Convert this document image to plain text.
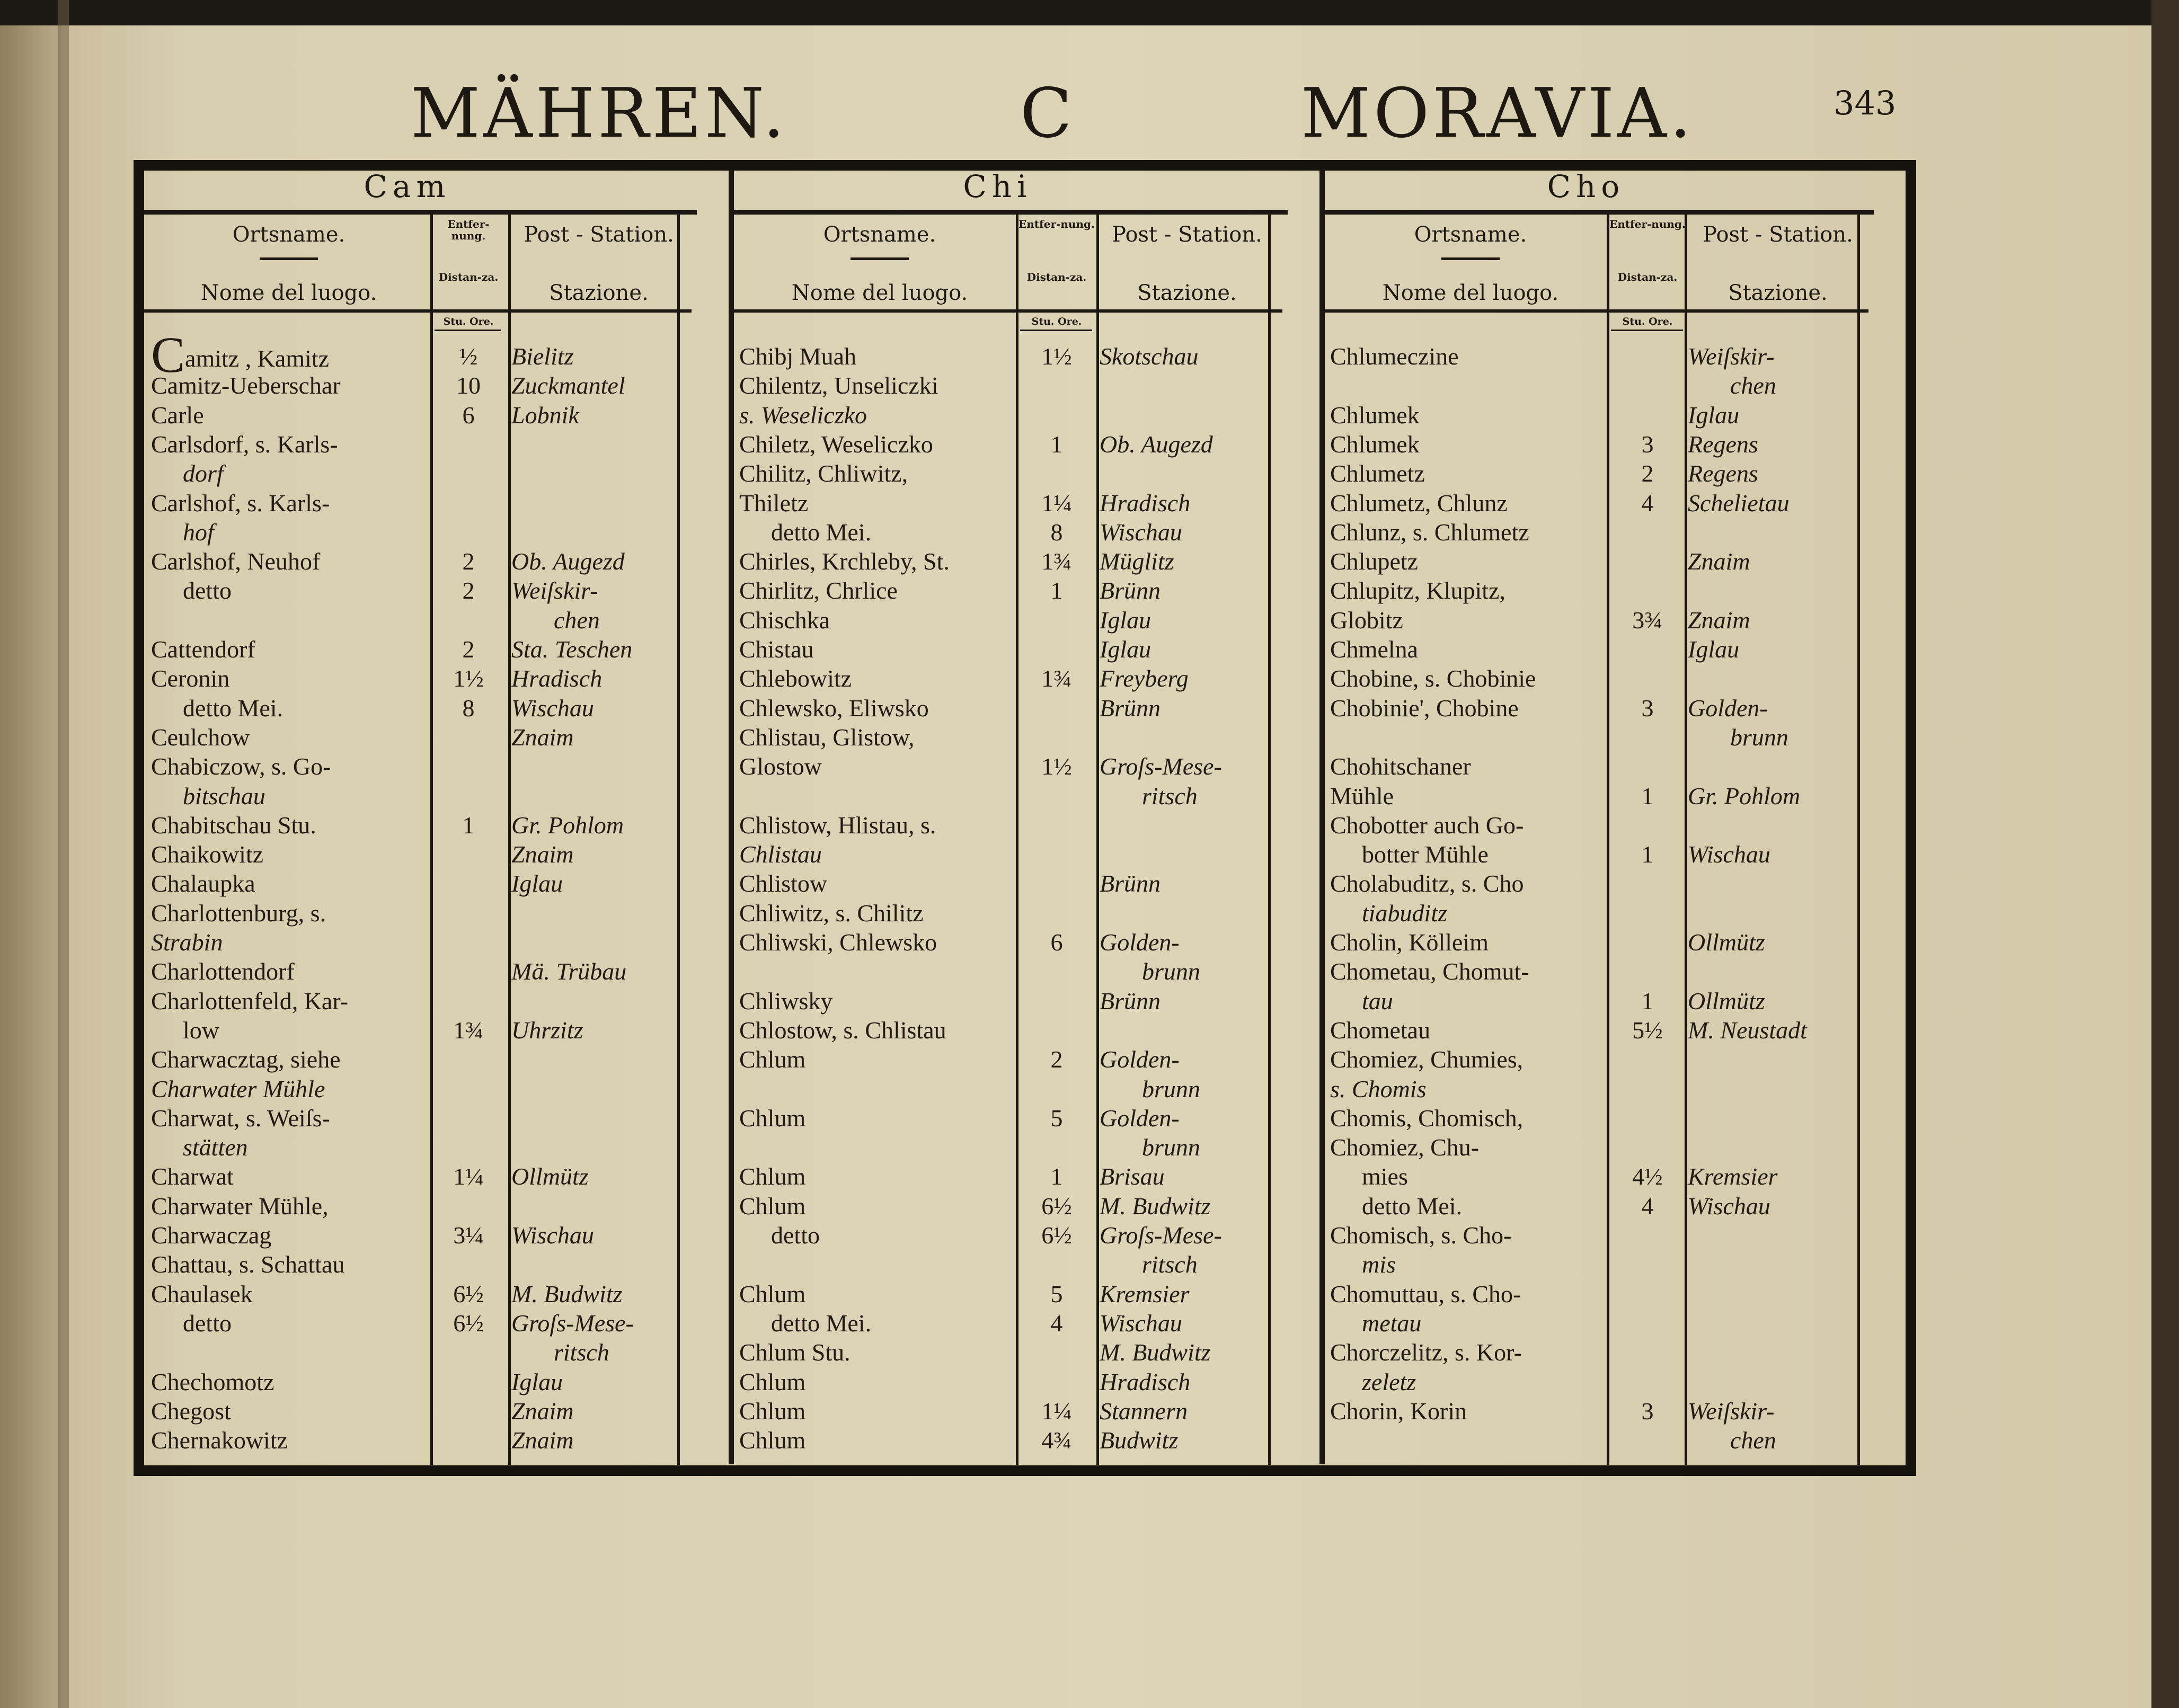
MÄHREN.	C	MORAVIA.	343
Cam
Ortsname.
Nome del luogo.
Entfer-nung.
Distan-za.
Post - Station.
Stazione.
Stu. Ore.
Camitz , Kamitz	½	Bielitz
Camitz-Ueberschar	10	Zuckmantel
Carle	6	Lobnik
Carlsdorf, s. Karls-
dorf
Carlshof, s. Karls-
hof
Carlshof, Neuhof	2	Ob. Augezd
detto	2	Weiſskir-
chen
Cattendorf	2	Sta. Teschen
Ceronin	1½	Hradisch
detto Mei.	8	Wischau
Ceulchow	Znaim
Chabiczow, s. Go-
bitschau
Chabitschau Stu.	1	Gr. Pohlom
Chaikowitz	Znaim
Chalaupka	Iglau
Charlottenburg, s.
Strabin
Charlottendorf	Mä. Trübau
Charlottenfeld, Kar-
low	1¾	Uhrzitz
Charwacztag, siehe
Charwater Mühle
Charwat, s. Weiſs-
stätten
Charwat	1¼	Ollmütz
Charwater Mühle,
Charwaczag	3¼	Wischau
Chattau, s. Schattau
Chaulasek	6½	M. Budwitz
detto	6½	Groſs-Mese-
ritsch
Chechomotz	Iglau
Chegost	Znaim
Chernakowitz	Znaim
Chi
Ortsname.
Nome del luogo.
Entfer-nung.
Distan-za.
Post - Station.
Stazione.
Stu. Ore.
Chibj Muah	1½	Skotschau
Chilentz, Unseliczki
s. Weseliczko
Chiletz, Weseliczko	1	Ob. Augezd
Chilitz, Chliwitz,
Thiletz	1¼	Hradisch
detto Mei.	8	Wischau
Chirles, Krchleby, St.	1¾	Müglitz
Chirlitz, Chrlice	1	Brünn
Chischka	Iglau
Chistau	Iglau
Chlebowitz	1¾	Freyberg
Chlewsko, Eliwsko	Brünn
Chlistau, Glistow,
Glostow	1½	Groſs-Mese-
ritsch
Chlistow, Hlistau, s.
Chlistau
Chlistow	Brünn
Chliwitz, s. Chilitz
Chliwski, Chlewsko	6	Golden-
brunn
Chliwsky	Brünn
Chlostow, s. Chlistau
Chlum	2	Golden-
brunn
Chlum	5	Golden-
brunn
Chlum	1	Brisau
Chlum	6½	M. Budwitz
detto	6½	Groſs-Mese-
ritsch
Chlum	5	Kremsier
detto Mei.	4	Wischau
Chlum Stu.	M. Budwitz
Chlum	Hradisch
Chlum	1¼	Stannern
Chlum	4¾	Budwitz
Cho
Ortsname.
Nome del luogo.
Entfer-nung.
Distan-za.
Post - Station.
Stazione.
Stu. Ore.
Chlumeczine	Weiſskir-
chen
Chlumek	Iglau
Chlumek	3	Regens
Chlumetz	2	Regens
Chlumetz, Chlunz	4	Schelietau
Chlunz, s. Chlumetz
Chlupetz	Znaim
Chlupitz, Klupitz,
Globitz	3¾	Znaim
Chmelna	Iglau
Chobine, s. Chobinie
Chobinie', Chobine	3	Golden-
brunn
Chohitschaner
Mühle	1	Gr. Pohlom
Chobotter auch Go-
botter Mühle	1	Wischau
Cholabuditz, s. Cho
tiabuditz
Cholin, Kölleim	Ollmütz
Chometau, Chomut-
tau	1	Ollmütz
Chometau	5½	M. Neustadt
Chomiez, Chumies,
s. Chomis
Chomis, Chomisch,
Chomiez, Chu-
mies	4½	Kremsier
detto Mei.	4	Wischau
Chomisch, s. Cho-
mis
Chomuttau, s. Cho-
metau
Chorczelitz, s. Kor-
zeletz
Chorin, Korin	3	Weiſskir-
chen
